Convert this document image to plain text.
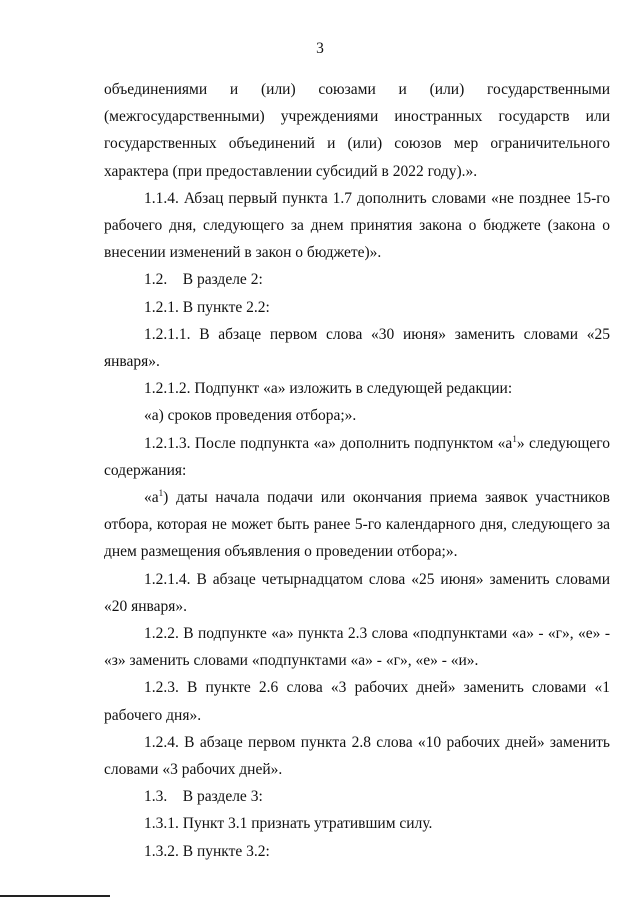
3

объединениями и (или) союзами и (или) государственными (межгосударственными) учреждениями иностранных государств или государственных объединений и (или) союзов мер ограничительного характера (при предоставлении субсидий в 2022 году).».

1.1.4. Абзац первый пункта 1.7 дополнить словами «не позднее 15-го рабочего дня, следующего за днем принятия закона о бюджете (закона о внесении изменений в закон о бюджете)».

1.2. В разделе 2:

1.2.1. В пункте 2.2:

1.2.1.1. В абзаце первом слова «30 июня» заменить словами «25 января».

1.2.1.2. Подпункт «а» изложить в следующей редакции:

«а) сроков проведения отбора;».

1.2.1.3. После подпункта «а» дополнить подпунктом «$а^1$» следующего содержания:

«$а^1$) даты начала подачи или окончания приема заявок участников отбора, которая не может быть ранее 5-го календарного дня, следующего за днем размещения объявления о проведении отбора;».

1.2.1.4. В абзаце четырнадцатом слова «25 июня» заменить словами «20 января».

1.2.2. В подпункте «а» пункта 2.3 слова «подпунктами «а» - «г», «е» - «з» заменить словами «подпунктами «а» - «г», «е» - «и».

1.2.3. В пункте 2.6 слова «3 рабочих дней» заменить словами «1 рабочего дня».

1.2.4. В абзаце первом пункта 2.8 слова «10 рабочих дней» заменить словами «3 рабочих дней».

1.3. В разделе 3:

1.3.1. Пункт 3.1 признать утратившим силу.

1.3.2. В пункте 3.2:
